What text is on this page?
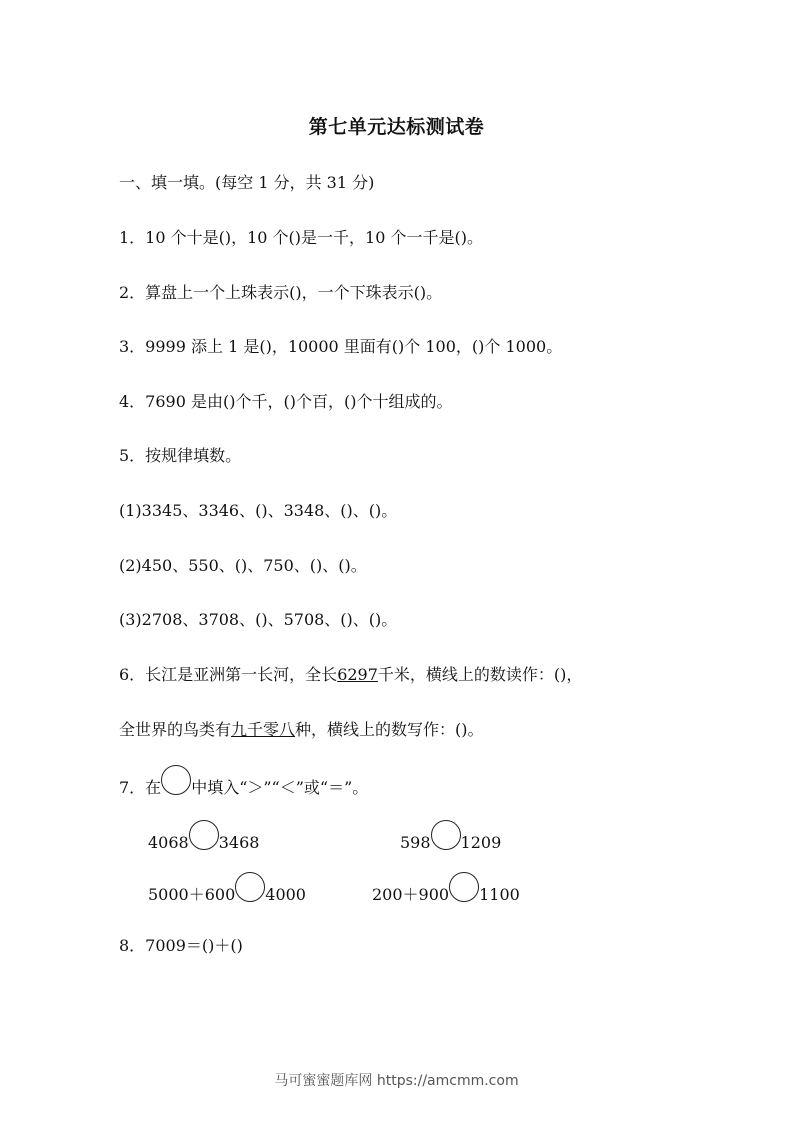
第七单元达标测试卷
一、填一填。(每空 1 分，共 31 分)
1．10 个十是()，10 个()是一千，10 个一千是()。
2．算盘上一个上珠表示()，一个下珠表示()。
3．9999 添上 1 是()，10000 里面有()个 100，()个 1000。
4．7690 是由()个千，()个百，()个十组成的。
5．按规律填数。
(1)3345、3346、()、3348、()、()。
(2)450、550、()、750、()、()。
(3)2708、3708、()、5708、()、()。
6．长江是亚洲第一长河，全长6297千米，横线上的数读作：()，
全世界的鸟类有九千零八种，横线上的数写作：()。
7．在 中填入“＞”“＜”或“＝”。
4068 3468	598 1209
5000＋600 4000	200＋900 1100
8．7009＝()＋()
马可蜜蜜题库网 https://amcmm.com
